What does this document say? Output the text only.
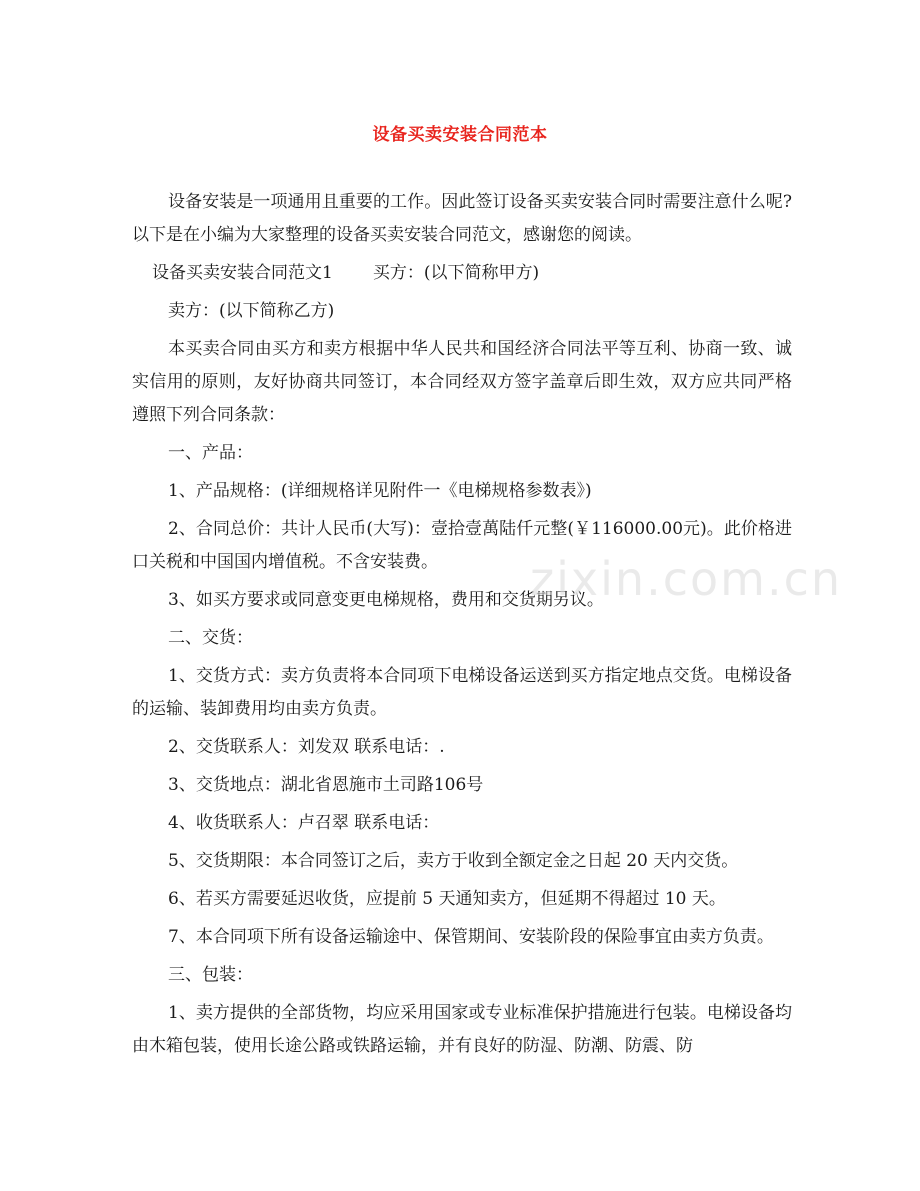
设备买卖安装合同范本

设备安装是一项通用且重要的工作。因此签订设备买卖安装合同时需要注意什么呢?以下是在小编为大家整理的设备买卖安装合同范文，感谢您的阅读。

设备买卖安装合同范文1 买方：(以下简称甲方)

卖方：(以下简称乙方)

本买卖合同由买方和卖方根据中华人民共和国经济合同法平等互利、协商一致、诚实信用的原则，友好协商共同签订，本合同经双方签字盖章后即生效，双方应共同严格遵照下列合同条款：

一、产品：

1、产品规格：(详细规格详见附件一《电梯规格参数表》)

2、合同总价：共计人民币(大写)：壹拾壹萬陆仟元整(￥116000.00元)。此价格进口关税和中国国内增值税。不含安装费。

3、如买方要求或同意变更电梯规格，费用和交货期另议。

二、交货：

1、交货方式：卖方负责将本合同项下电梯设备运送到买方指定地点交货。电梯设备的运输、装卸费用均由卖方负责。

2、交货联系人：刘发双 联系电话：.

3、交货地点：湖北省恩施市土司路106号

4、收货联系人：卢召翠 联系电话：

5、交货期限：本合同签订之后，卖方于收到全额定金之日起 20 天内交货。

6、若买方需要延迟收货，应提前 5 天通知卖方，但延期不得超过 10 天。

7、本合同项下所有设备运输途中、保管期间、安装阶段的保险事宜由卖方负责。

三、包装：

1、卖方提供的全部货物，均应采用国家或专业标准保护措施进行包装。电梯设备均由木箱包装，使用长途公路或铁路运输，并有良好的防湿、防潮、防震、防

zixin.com.cn
